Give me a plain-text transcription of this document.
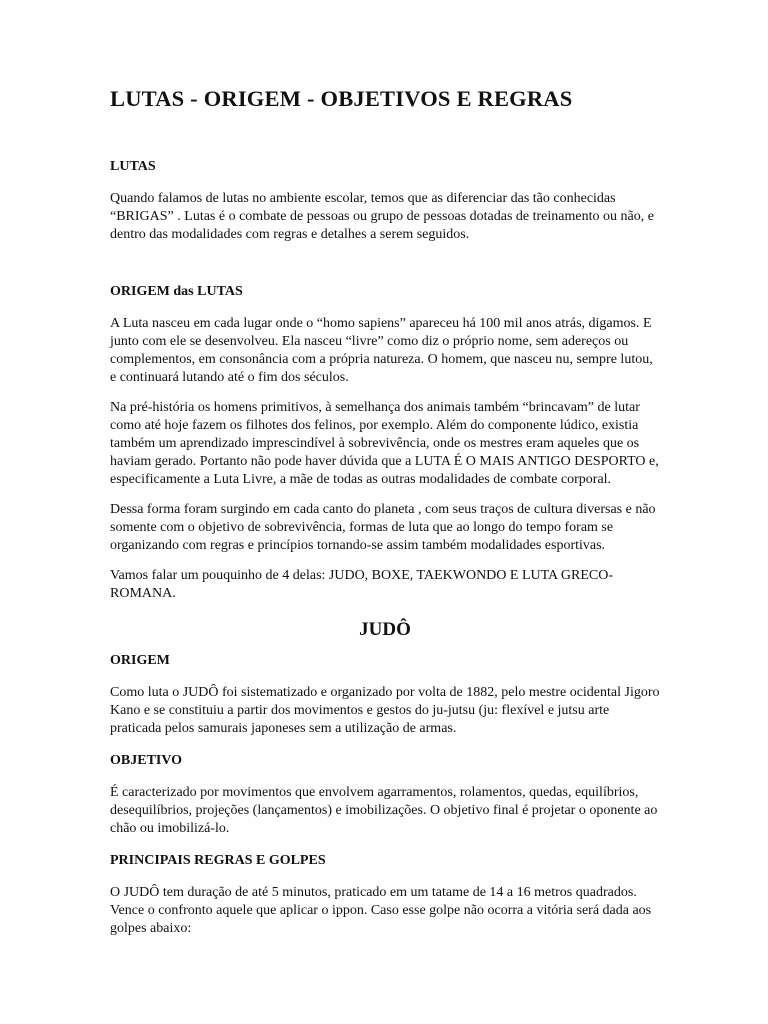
LUTAS - ORIGEM - OBJETIVOS E REGRAS
LUTAS

Quando falamos de lutas no ambiente escolar, temos que as diferenciar das tão conhecidas “BRIGAS” . Lutas é o combate de pessoas ou grupo de pessoas dotadas de treinamento ou não, e dentro das modalidades com regras e detalhes a serem seguidos.

ORIGEM das LUTAS

A Luta nasceu em cada lugar onde o “homo sapiens” apareceu há 100 mil anos atrás, digamos. E junto com ele se desenvolveu. Ela nasceu “livre” como diz o próprio nome, sem adereços ou complementos, em consonância com a própria natureza. O homem, que nasceu nu, sempre lutou, e continuará lutando até o fim dos séculos.

Na pré-história os homens primitivos, à semelhança dos animais também “brincavam” de lutar como até hoje fazem os filhotes dos felinos, por exemplo. Além do componente lúdico, existia também um aprendizado imprescindível à sobrevivência, onde os mestres eram aqueles que os haviam gerado. Portanto não pode haver dúvida que a LUTA É O MAIS ANTIGO DESPORTO e, especificamente a Luta Livre, a mãe de todas as outras modalidades de combate corporal.

Dessa forma foram surgindo em cada canto do planeta , com seus traços de cultura diversas e não somente com o objetivo de sobrevivência, formas de luta que ao longo do tempo foram se organizando com regras e princípios tornando-se assim também modalidades esportivas.

Vamos falar um pouquinho de 4 delas: JUDO, BOXE, TAEKWONDO E LUTA GRECO-ROMANA.

JUDÔ
ORIGEM

Como luta o JUDÔ foi sistematizado e organizado por volta de 1882, pelo mestre ocidental Jigoro Kano e se constituiu a partir dos movimentos e gestos do ju-jutsu (ju: flexível e jutsu arte praticada pelos samurais japoneses sem a utilização de armas.

OBJETIVO

É caracterizado por movimentos que envolvem agarramentos, rolamentos, quedas, equilíbrios, desequilíbrios, projeções (lançamentos) e imobilizações. O objetivo final é projetar o oponente ao chão ou imobilizá-lo.

PRINCIPAIS REGRAS E GOLPES

O JUDÔ tem duração de até 5 minutos, praticado em um tatame de 14 a 16 metros quadrados. Vence o confronto aquele que aplicar o ippon. Caso esse golpe não ocorra a vitória será dada aos golpes abaixo:
